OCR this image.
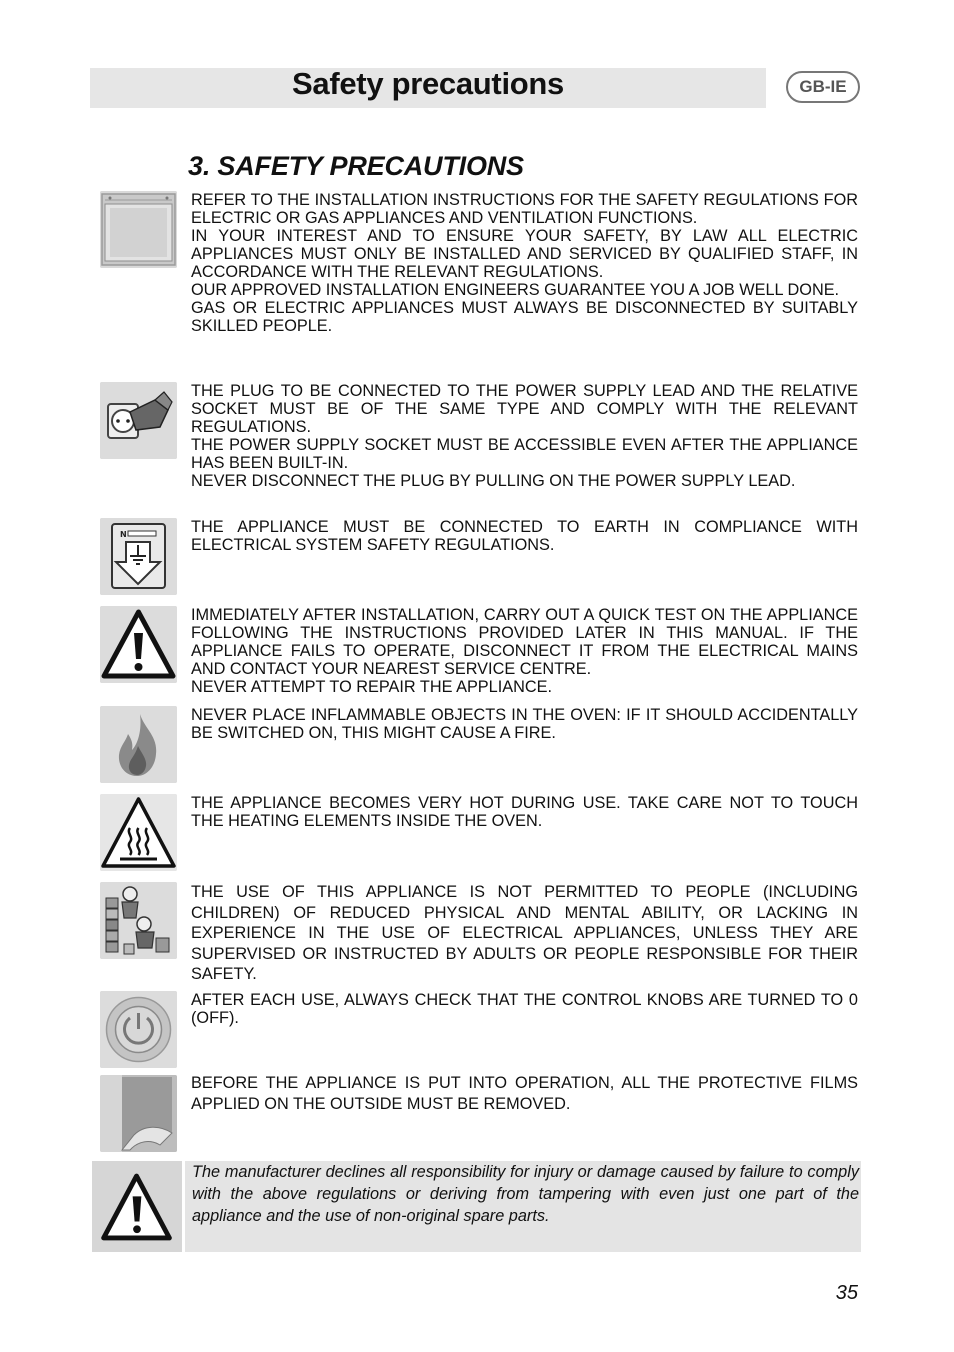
Safety precautions	GB-IE
3. SAFETY PRECAUTIONS

REFER TO THE INSTALLATION INSTRUCTIONS FOR THE SAFETY REGULATIONS FOR ELECTRIC OR GAS APPLIANCES AND VENTILATION FUNCTIONS.

IN YOUR INTEREST AND TO ENSURE YOUR SAFETY, BY LAW ALL ELECTRIC APPLIANCES MUST ONLY BE INSTALLED AND SERVICED BY QUALIFIED STAFF, IN ACCORDANCE WITH THE RELEVANT REGULATIONS.

OUR APPROVED INSTALLATION ENGINEERS GUARANTEE YOU A JOB WELL DONE.

GAS OR ELECTRIC APPLIANCES MUST ALWAYS BE DISCONNECTED BY SUITABLY SKILLED PEOPLE.

THE PLUG TO BE CONNECTED TO THE POWER SUPPLY LEAD AND THE RELATIVE SOCKET MUST BE OF THE SAME TYPE AND COMPLY WITH THE RELEVANT REGULATIONS.

THE POWER SUPPLY SOCKET MUST BE ACCESSIBLE EVEN AFTER THE APPLIANCE HAS BEEN BUILT-IN.

NEVER DISCONNECT THE PLUG BY PULLING ON THE POWER SUPPLY LEAD.

N	THE APPLIANCE MUST BE CONNECTED TO EARTH IN COMPLIANCE WITH ELECTRICAL SYSTEM SAFETY REGULATIONS.

IMMEDIATELY AFTER INSTALLATION, CARRY OUT A QUICK TEST ON THE APPLIANCE FOLLOWING THE INSTRUCTIONS PROVIDED LATER IN THIS MANUAL. IF THE APPLIANCE FAILS TO OPERATE, DISCONNECT IT FROM THE ELECTRICAL MAINS AND CONTACT YOUR NEAREST SERVICE CENTRE.

NEVER ATTEMPT TO REPAIR THE APPLIANCE.

NEVER PLACE INFLAMMABLE OBJECTS IN THE OVEN: IF IT SHOULD ACCIDENTALLY BE SWITCHED ON, THIS MIGHT CAUSE A FIRE.

THE APPLIANCE BECOMES VERY HOT DURING USE. TAKE CARE NOT TO TOUCH THE HEATING ELEMENTS INSIDE THE OVEN.

THE USE OF THIS APPLIANCE IS NOT PERMITTED TO PEOPLE (INCLUDING CHILDREN) OF REDUCED PHYSICAL AND MENTAL ABILITY, OR LACKING IN EXPERIENCE IN THE USE OF ELECTRICAL APPLIANCES, UNLESS THEY ARE SUPERVISED OR INSTRUCTED BY ADULTS OR PEOPLE RESPONSIBLE FOR THEIR SAFETY.

AFTER EACH USE, ALWAYS CHECK THAT THE CONTROL KNOBS ARE TURNED TO 0 (OFF).

BEFORE THE APPLIANCE IS PUT INTO OPERATION, ALL THE PROTECTIVE FILMS APPLIED ON THE OUTSIDE MUST BE REMOVED.

The manufacturer declines all responsibility for injury or damage caused by failure to comply with the above regulations or deriving from tampering with even just one part of the appliance and the use of non-original spare parts.
35
